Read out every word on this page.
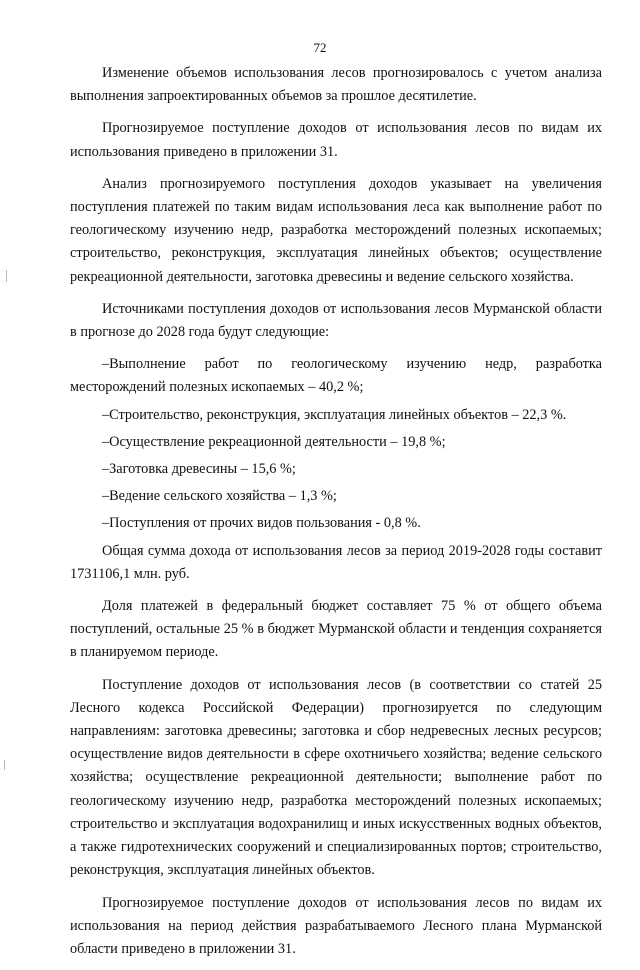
72

Изменение объемов использования лесов прогнозировалось с учетом анализа выполнения запроектированных объемов за прошлое десятилетие.

Прогнозируемое поступление доходов от использования лесов по видам их использования приведено в приложении 31.

Анализ прогнозируемого поступления доходов указывает на увеличения поступления платежей по таким видам использования леса как выполнение работ по геологическому изучению недр, разработка месторождений полезных ископаемых; строительство, реконструкция, эксплуатация линейных объектов; осуществление рекреационной деятельности, заготовка древесины и ведение сельского хозяйства.

Источниками поступления доходов от использования лесов Мурманской области в прогнозе до 2028 года будут следующие:

–Выполнение работ по геологическому изучению недр, разработка месторождений полезных ископаемых – 40,2 %;

–Строительство, реконструкция, эксплуатация линейных объектов – 22,3 %.

–Осуществление рекреационной деятельности – 19,8 %;

–Заготовка древесины – 15,6 %;

–Ведение сельского хозяйства – 1,3 %;

–Поступления от прочих видов пользования - 0,8 %.

Общая сумма дохода от использования лесов за период 2019-2028 годы составит 1731106,1 млн. руб.

Доля платежей в федеральный бюджет составляет 75 % от общего объема поступлений, остальные 25 % в бюджет Мурманской области и тенденция сохраняется в планируемом периоде.

Поступление доходов от использования лесов (в соответствии со статей 25 Лесного кодекса Российской Федерации) прогнозируется по следующим направлениям: заготовка древесины; заготовка и сбор недревесных лесных ресурсов; осуществление видов деятельности в сфере охотничьего хозяйства; ведение сельского хозяйства; осуществление рекреационной деятельности; выполнение работ по геологическому изучению недр, разработка месторождений полезных ископаемых; строительство и эксплуатация водохранилищ и иных искусственных водных объектов, а также гидротехнических сооружений и специализированных портов; строительство, реконструкция, эксплуатация линейных объектов.

Прогнозируемое поступление доходов от использования лесов по видам их использования на период действия разрабатываемого Лесного плана Мурманской области приведено в приложении 31.
